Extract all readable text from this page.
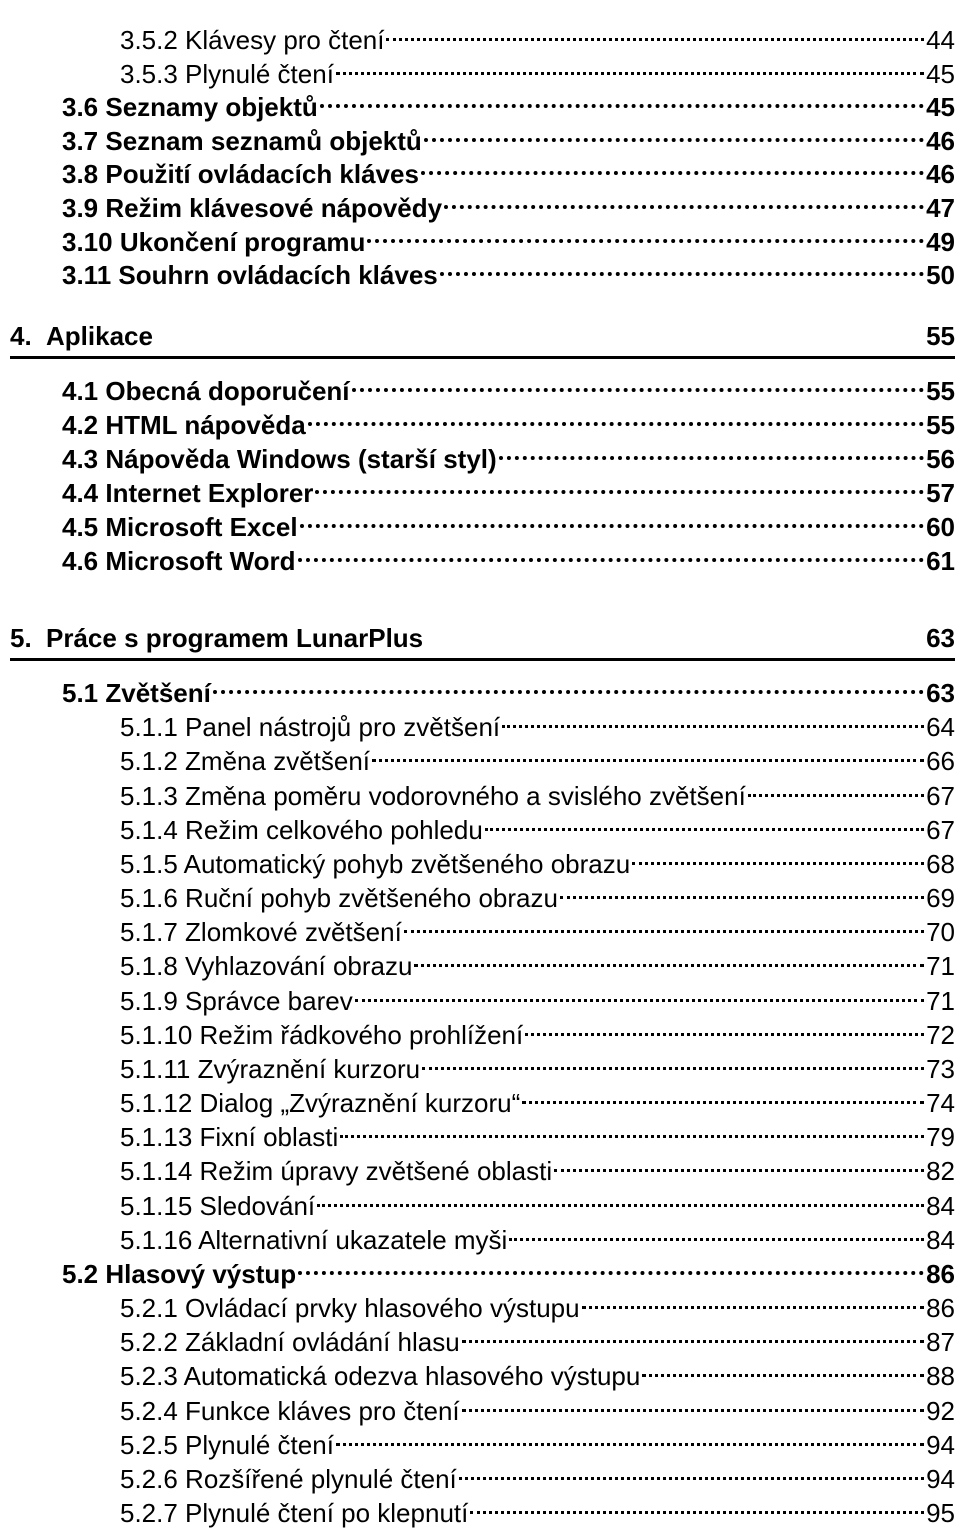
3.5.2 Klávesy pro čtení	44
3.5.3 Plynulé čtení	45
3.6 Seznamy objektů	45
3.7 Seznam seznamů objektů	46
3.8 Použití ovládacích kláves	46
3.9 Režim klávesové nápovědy	47
3.10 Ukončení programu	49
3.11 Souhrn ovládacích kláves	50
4. Aplikace	55
4.1 Obecná doporučení	55
4.2 HTML nápověda	55
4.3 Nápověda Windows (starší styl)	56
4.4 Internet Explorer	57
4.5 Microsoft Excel	60
4.6 Microsoft Word	61
5. Práce s programem LunarPlus	63
5.1 Zvětšení	63
5.1.1 Panel nástrojů pro zvětšení	64
5.1.2 Změna zvětšení	66
5.1.3 Změna poměru vodorovného a svislého zvětšení	67
5.1.4 Režim celkového pohledu	67
5.1.5 Automatický pohyb zvětšeného obrazu	68
5.1.6 Ruční pohyb zvětšeného obrazu	69
5.1.7 Zlomkové zvětšení	70
5.1.8 Vyhlazování obrazu	71
5.1.9 Správce barev	71
5.1.10 Režim řádkového prohlížení	72
5.1.11 Zvýraznění kurzoru	73
5.1.12 Dialog „Zvýraznění kurzoru“	74
5.1.13 Fixní oblasti	79
5.1.14 Režim úpravy zvětšené oblasti	82
5.1.15 Sledování	84
5.1.16 Alternativní ukazatele myši	84
5.2 Hlasový výstup	86
5.2.1 Ovládací prvky hlasového výstupu	86
5.2.2 Základní ovládání hlasu	87
5.2.3 Automatická odezva hlasového výstupu	88
5.2.4 Funkce kláves pro čtení	92
5.2.5 Plynulé čtení	94
5.2.6 Rozšířené plynulé čtení	94
5.2.7 Plynulé čtení po klepnutí	95
